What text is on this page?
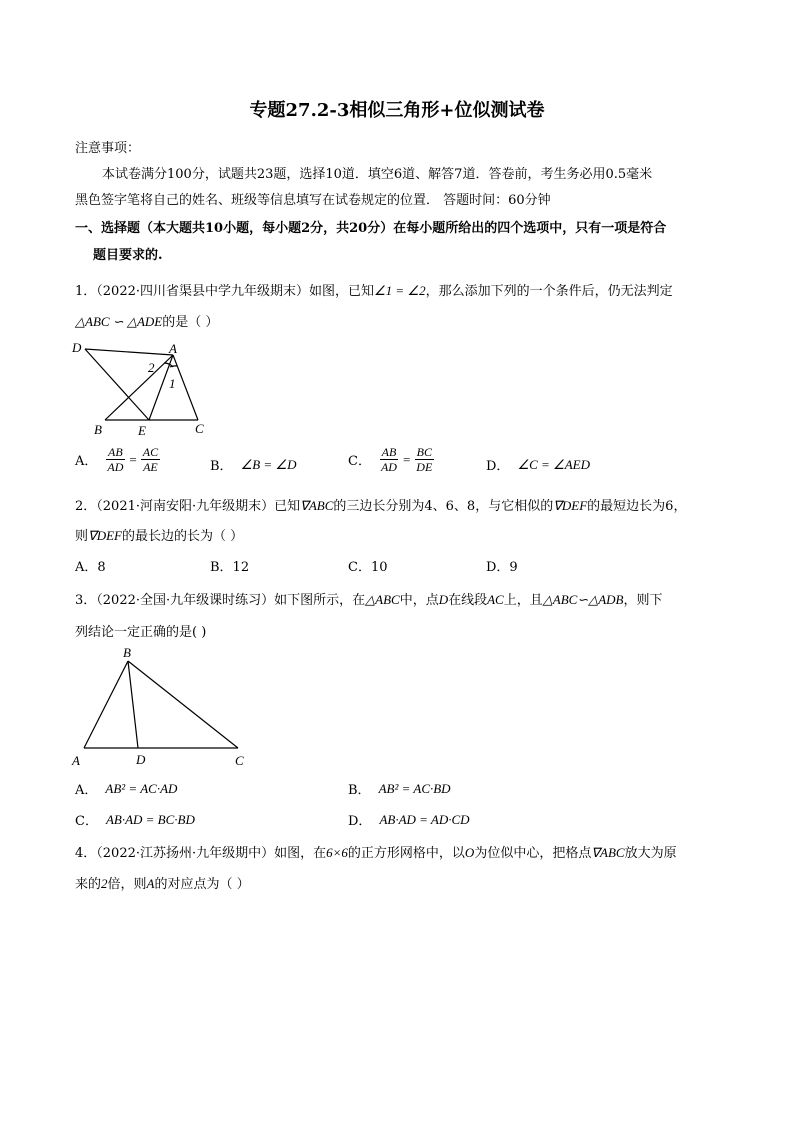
专题27.2-3相似三角形+位似测试卷
注意事项：
本试卷满分100分，试题共23题，选择10道．填空6道、解答7道．答卷前，考生务必用0.5毫米
黑色签字笔将自己的姓名、班级等信息填写在试卷规定的位置． 答题时间：60分钟
一、选择题（本大题共10小题，每小题2分，共20分）在每小题所给出的四个选项中，只有一项是符合
题目要求的.
1．（2022·四川省渠县中学九年级期末）如图，已知∠1 = ∠2，那么添加下列的一个条件后，仍无法判定
△ABC ∽ △ADE的是（ ）
D	A
2
1
B	E	C
A． $\frac{AB}{AD} = \frac{AC}{AE}$	B． ∠B = ∠D	C． $\frac{AB}{AD} = \frac{BC}{DE}$	D． ∠C = ∠AED
2．（2021·河南安阳·九年级期末）已知∇ABC的三边长分别为4、6、8，与它相似的∇DEF的最短边长为6，
则∇DEF的最长边的长为（ ）
A．8	B．12	C．10	D．9
3．（2022·全国·九年级课时练习）如下图所示，在△ABC中，点D在线段AC上，且△ABC∽△ADB，则下
列结论一定正确的是( )
B
A	D	C
A． AB² = AC·AD	B． AB² = AC·BD
C． AB·AD = BC·BD	D． AB·AD = AD·CD
4．（2022·江苏扬州·九年级期中）如图，在6×6的正方形网格中，以O为位似中心，把格点∇ABC放大为原
来的2倍，则A的对应点为（ ）
